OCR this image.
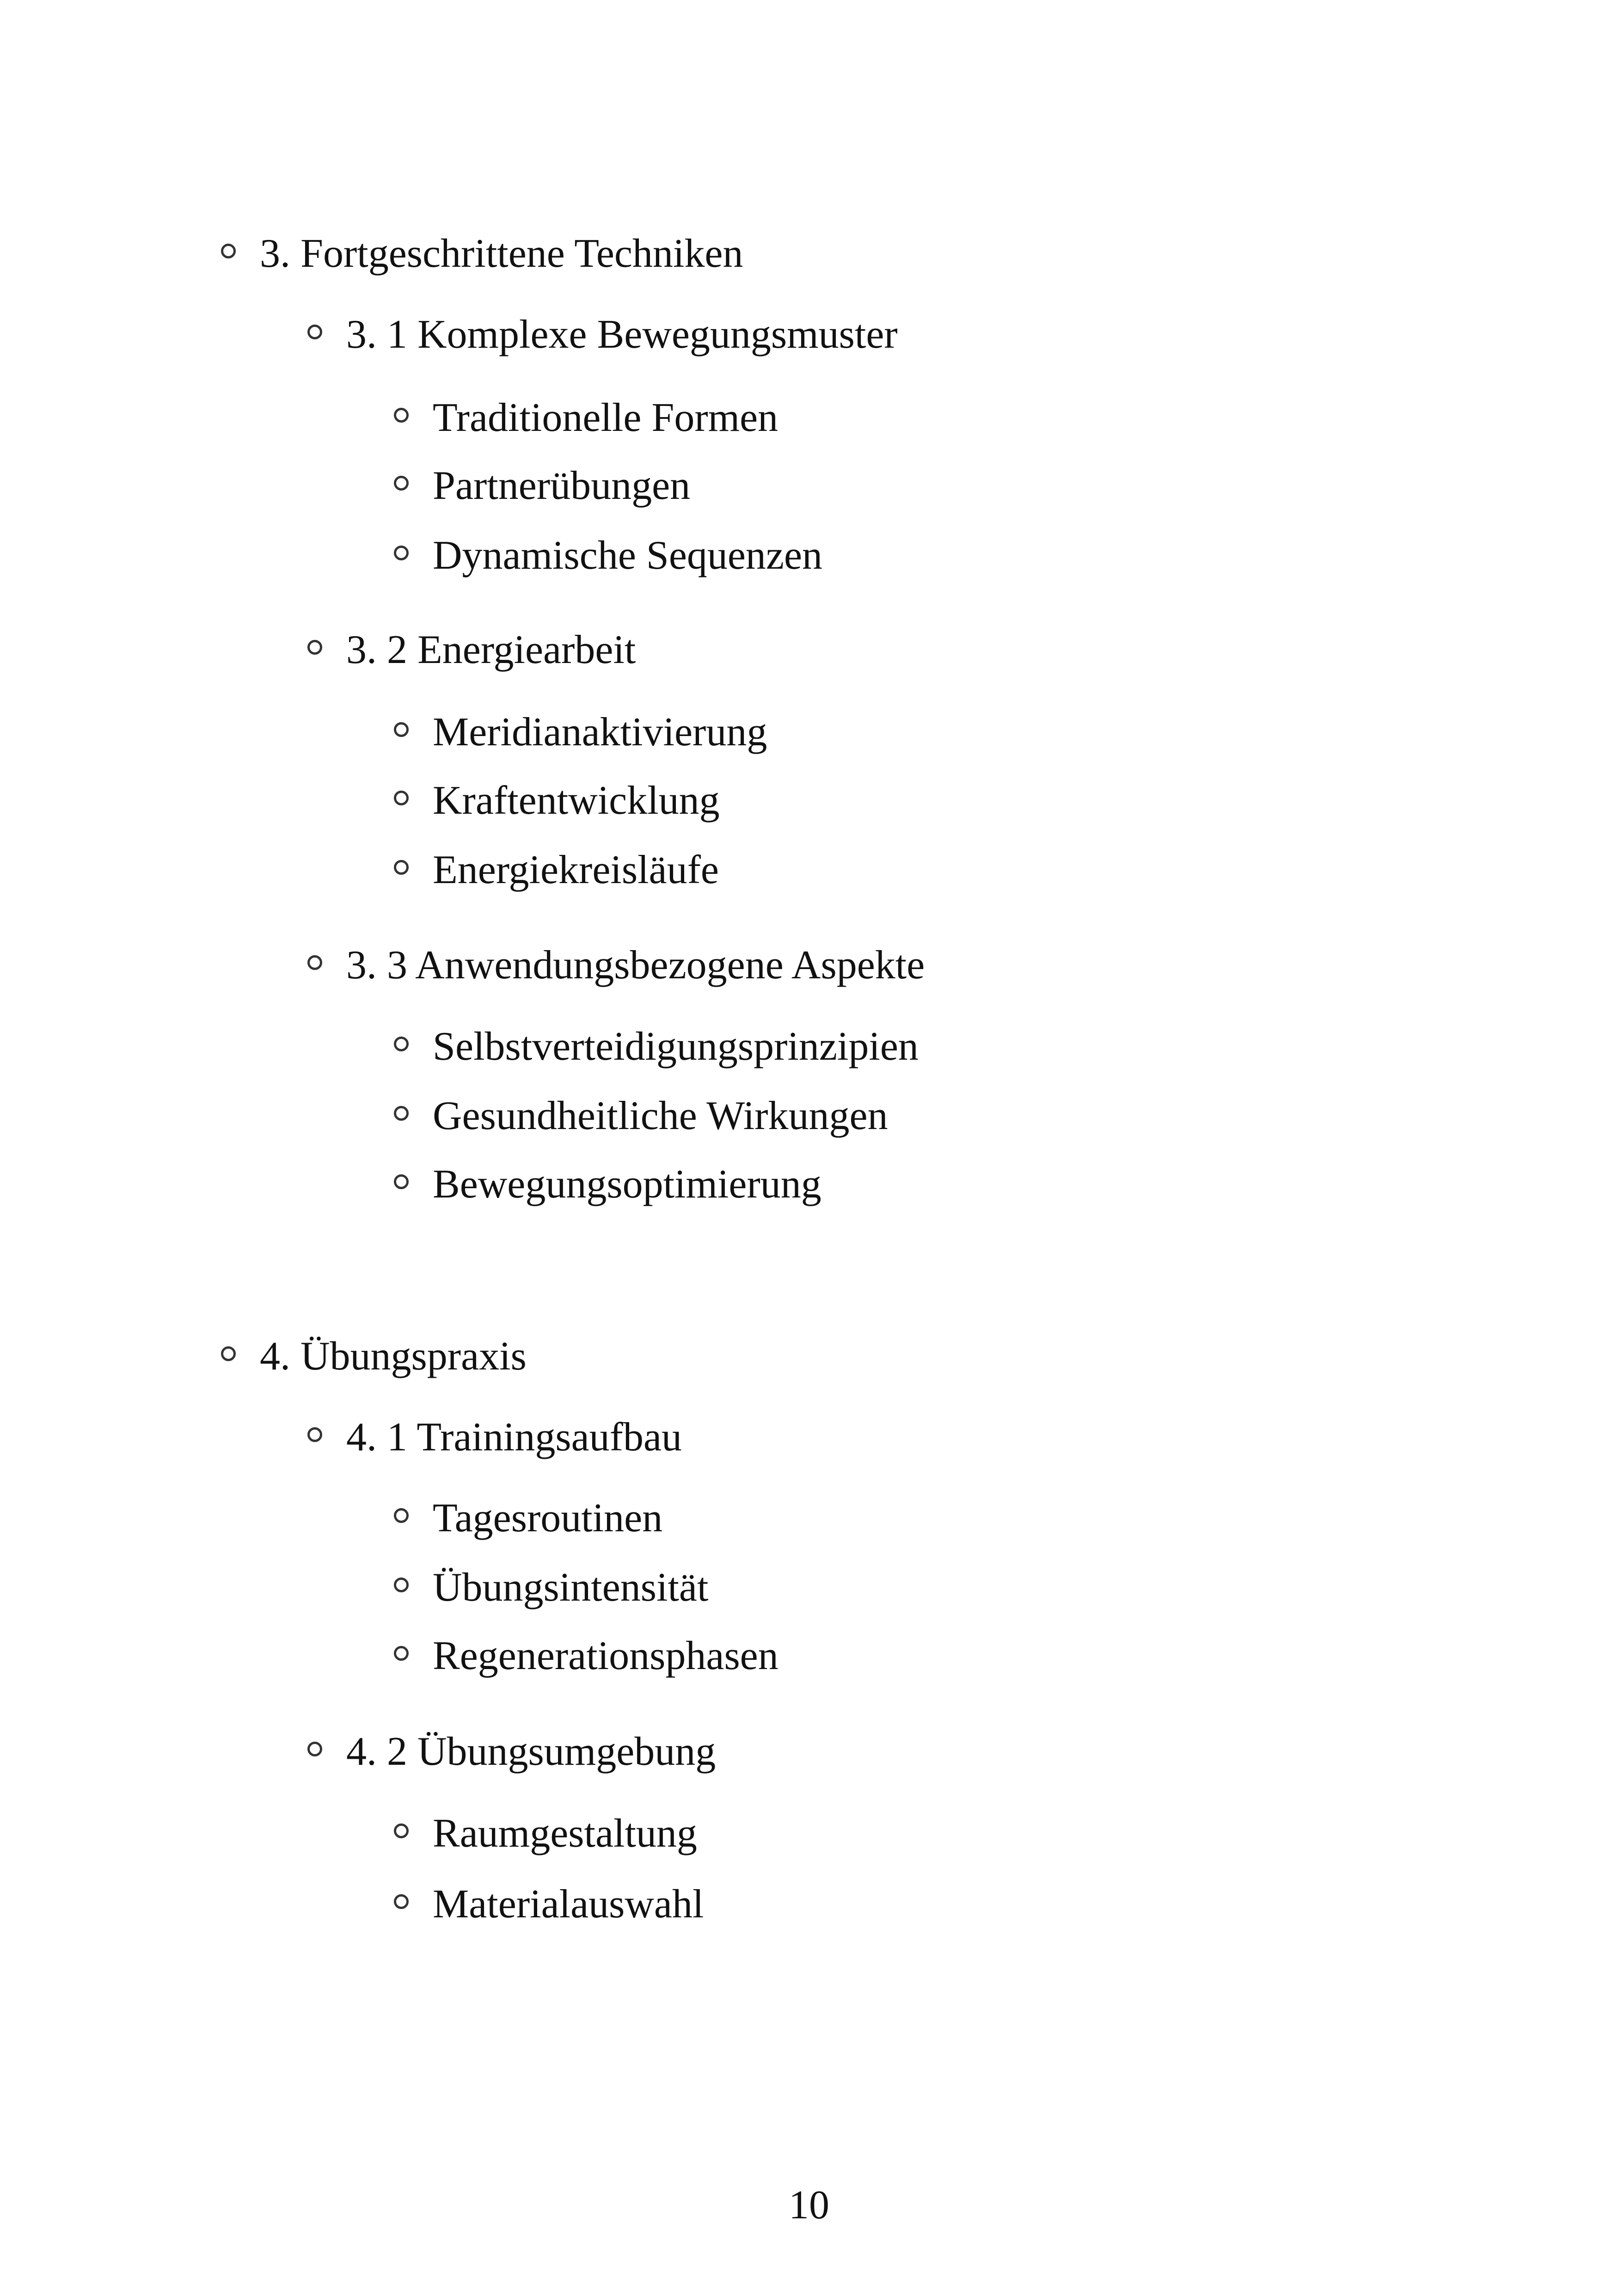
3. Fortgeschrittene Techniken
3. 1 Komplexe Bewegungsmuster
Traditionelle Formen
Partnerübungen
Dynamische Sequenzen
3. 2 Energiearbeit
Meridianaktivierung
Kraftentwicklung
Energiekreisläufe
3. 3 Anwendungsbezogene Aspekte
Selbstverteidigungsprinzipien
Gesundheitliche Wirkungen
Bewegungsoptimierung
4. Übungspraxis
4. 1 Trainingsaufbau
Tagesroutinen
Übungsintensität
Regenerationsphasen
4. 2 Übungsumgebung
Raumgestaltung
Materialauswahl
10
